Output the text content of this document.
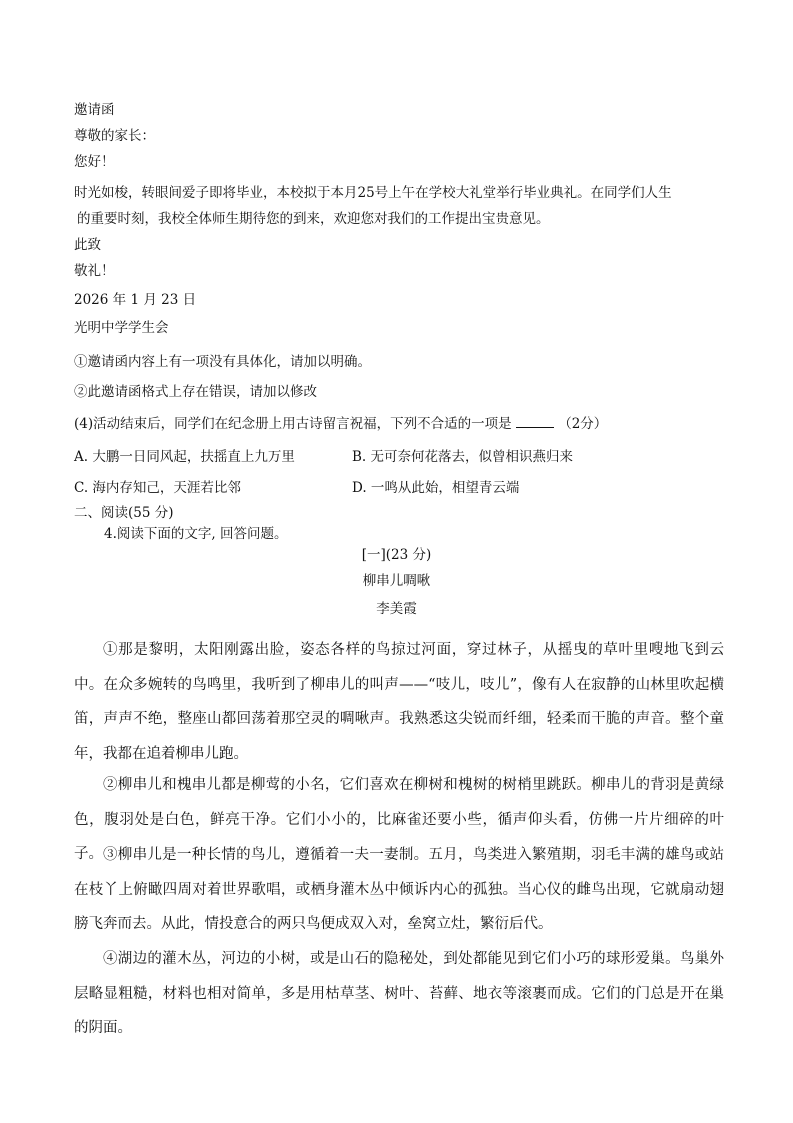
邀请函
尊敬的家长：
您好！
时光如梭，转眼间爱子即将毕业，本校拟于本月25号上午在学校大礼堂举行毕业典礼。在同学们人生
的重要时刻，我校全体师生期待您的到来，欢迎您对我们的工作提出宝贵意见。
此致
敬礼！
2026 年 1 月 23 日
光明中学学生会
①邀请函内容上有一项没有具体化，请加以明确。
②此邀请函格式上存在错误，请加以修改
(4)活动结束后，同学们在纪念册上用古诗留言祝福，下列不合适的一项是	（2分）
A. 大鹏一日同风起，扶摇直上九万里	B. 无可奈何花落去，似曾相识燕归来
C. 海内存知己，天涯若比邻	D. 一鸣从此始，相望青云端
二、阅读(55 分)
4.阅读下面的文字, 回答问题。
[一](23 分)
柳串儿啁啾
李美霞
①那是黎明，太阳刚露出脸，姿态各样的鸟掠过河面，穿过林子，从摇曳的草叶里嗖地飞到云中。在众多婉转的鸟鸣里，我听到了柳串儿的叫声——“吱儿，吱儿”，像有人在寂静的山林里吹起横笛，声声不绝，整座山都回荡着那空灵的啁啾声。我熟悉这尖锐而纤细，轻柔而干脆的声音。整个童年，我都在追着柳串儿跑。
②柳串儿和槐串儿都是柳莺的小名，它们喜欢在柳树和槐树的树梢里跳跃。柳串儿的背羽是黄绿色，腹羽处是白色，鲜亮干净。它们小小的，比麻雀还要小些，循声仰头看，仿佛一片片细碎的叶子。 ③柳串儿是一种长情的鸟儿，遵循着一夫一妻制。五月，鸟类进入繁殖期，羽毛丰满的雄鸟或站在枝丫上俯瞰四周对着世界歌唱，或栖身灌木丛中倾诉内心的孤独。当心仪的雌鸟出现，它就扇动翅膀飞奔而去。从此，情投意合的两只鸟便成双入对，垒窝立灶，繁衍后代。
④湖边的灌木丛，河边的小树，或是山石的隐秘处，到处都能见到它们小巧的球形爱巢。鸟巢外层略显粗糙，材料也相对简单，多是用枯草茎、树叶、苔藓、地衣等滚裹而成。它们的门总是开在巢的阴面。
